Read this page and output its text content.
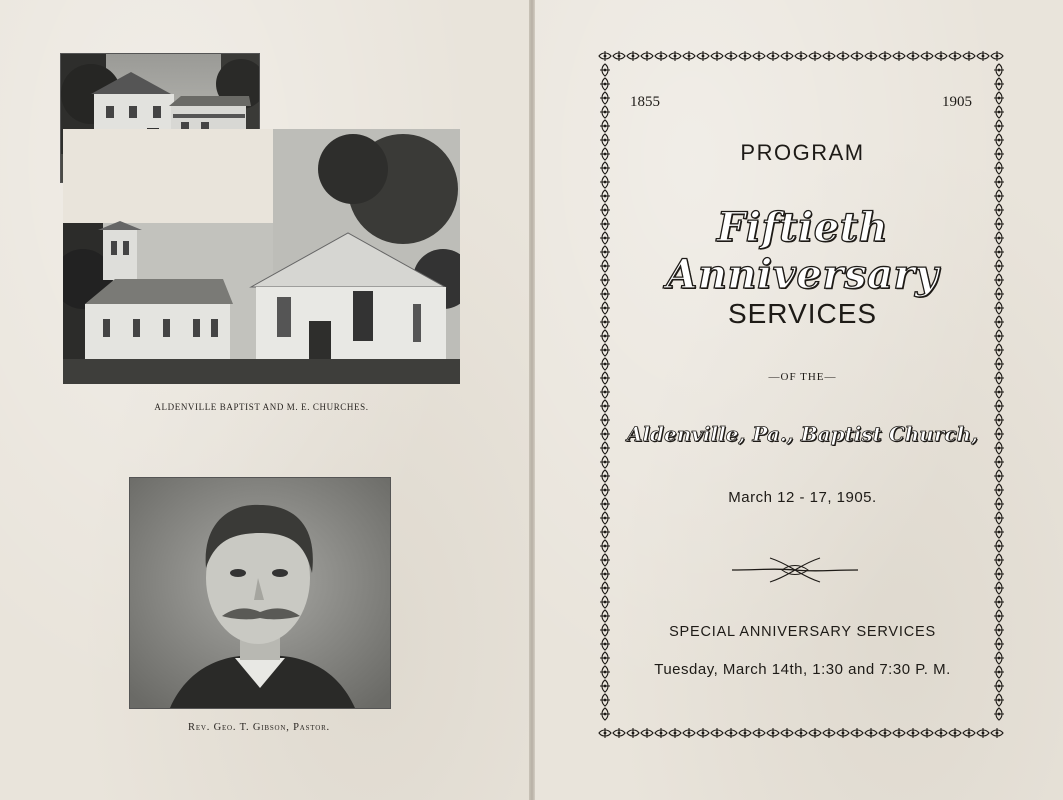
ALDENVILLE BAPTIST AND M. E. CHURCHES.
Rev. Geo. T. Gibson, Pastor.
1855	1905
PROGRAM
Fiftieth Anniversary
SERVICES
—OF THE—
Aldenville, Pa., Baptist Church,
March 12 - 17, 1905.
SPECIAL ANNIVERSARY SERVICES
Tuesday, March 14th, 1:30 and 7:30 P. M.
